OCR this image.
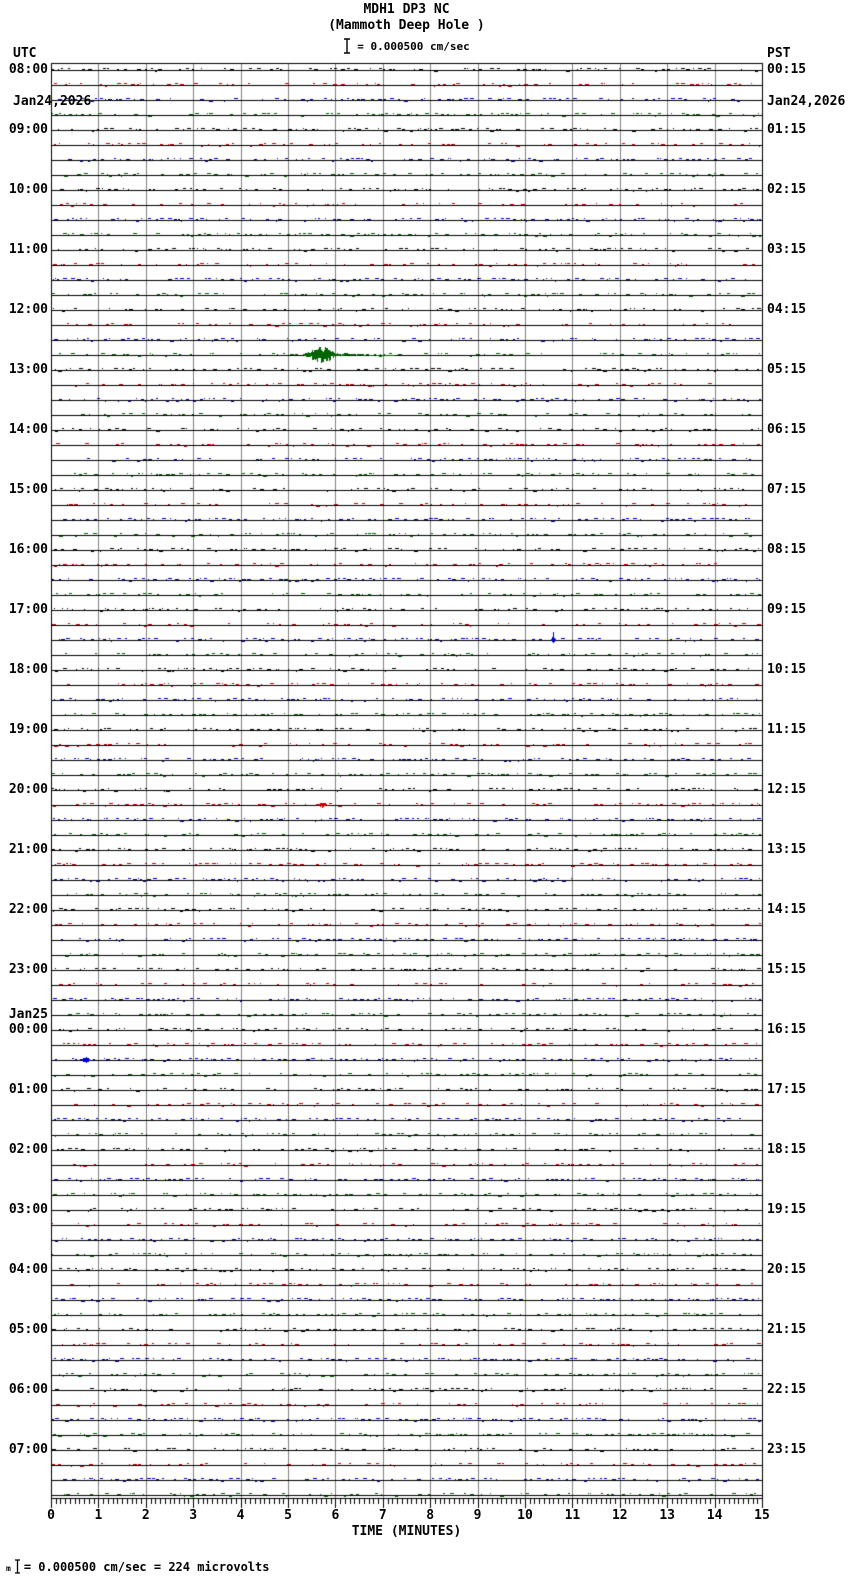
MDH1 DP3 NC
(Mammoth Deep Hole )
= 0.000500 cm/sec

UTC

Jan24,2026

PST

Jan24,2026

08:00
09:00
10:00
11:00
12:00
13:00
14:00
15:00
16:00
17:00
18:00
19:00
20:00
21:00
22:00
23:00
Jan25
00:00
01:00
02:00
03:00
04:00
05:00
06:00
07:00
00:15
01:15
02:15
03:15
04:15
05:15
06:15
07:15
08:15
09:15
10:15
11:15
12:15
13:15
14:15
15:15
16:15
17:15
18:15
19:15
20:15
21:15
22:15
23:15
0	1	2	3	4	5	6	7	8	9	10	11	12	13	14	15
TIME (MINUTES)
m = 0.000500 cm/sec = 224 microvolts
